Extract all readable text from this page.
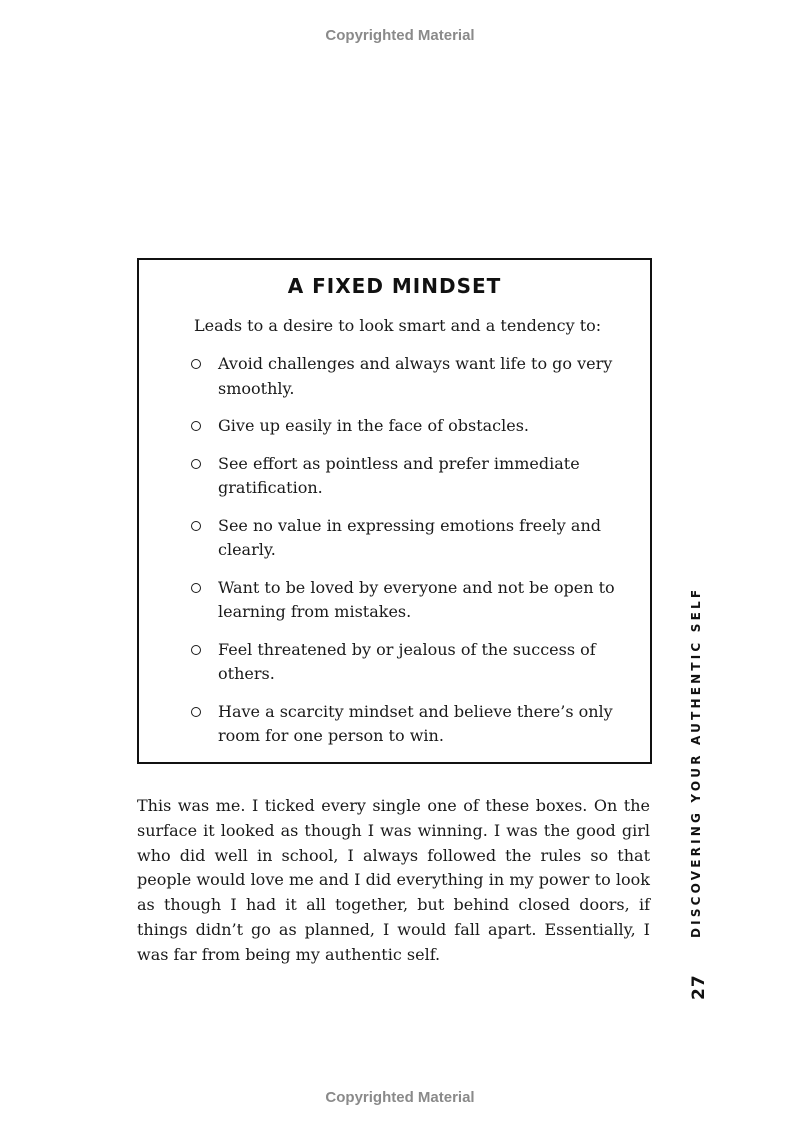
Copyrighted Material
A FIXED MINDSET
Leads to a desire to look smart and a tendency to:
Avoid challenges and always want life to go very smoothly.
Give up easily in the face of obstacles.
See effort as pointless and prefer immediate gratification.
See no value in expressing emotions freely and clearly.
Want to be loved by everyone and not be open to learning from mistakes.
Feel threatened by or jealous of the success of others.
Have a scarcity mindset and believe there’s only room for one person to win.

This was me. I ticked every single one of these boxes. On the surface it looked as though I was winning. I was the good girl who did well in school, I always followed the rules so that people would love me and I did everything in my power to look as though I had it all together, but behind closed doors, if things didn’t go as planned, I would fall apart. Essentially, I was far from being my authentic self.

DISCOVERING YOUR AUTHENTIC SELF
27
Copyrighted Material
